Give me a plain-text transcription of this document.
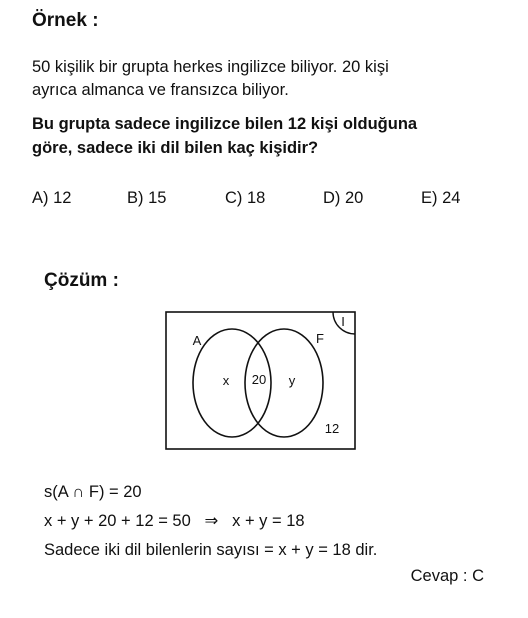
Örnek :
50 kişilik bir grupta herkes ingilizce biliyor. 20 kişi
ayrıca almanca ve fransızca biliyor.
Bu grupta sadece ingilizce bilen 12 kişi olduğuna
göre, sadece iki dil bilen kaç kişidir?
A) 12	B) 15	C) 18	D) 20	E) 24
Çözüm :
I
A	F
x 20 y
12
s(A ∩ F) = 20
x + y + 20 + 12 = 50   ⇒   x + y = 18
Sadece iki dil bilenlerin sayısı = x + y = 18 dir.
Cevap : C
